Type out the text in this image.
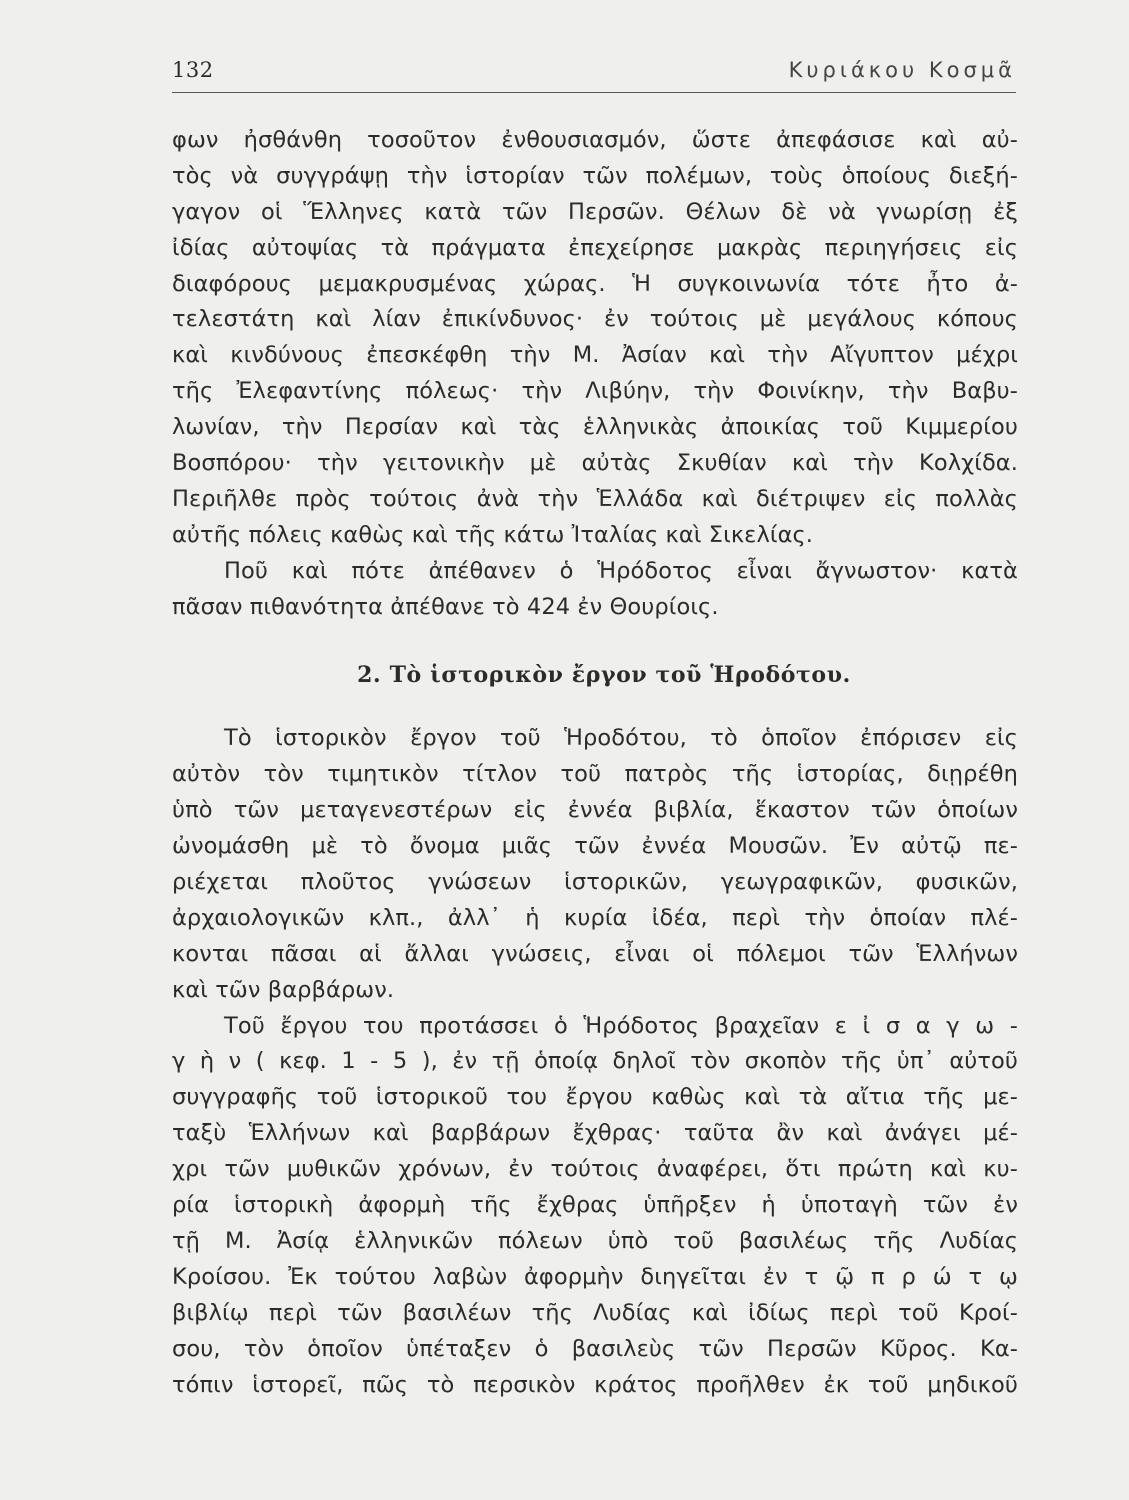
132	Κυριάκου Κοσμᾶ
φων ἠσθάνθη τοσοῦτον ἐνθουσιασμόν, ὥστε ἀπεφάσισε καὶ αὐ-
τὸς νὰ συγγράψῃ τὴν ἱστορίαν τῶν πολέμων, τοὺς ὁποίους διεξή-
γαγον οἱ Ἕλληνες κατὰ τῶν Περσῶν. Θέλων δὲ νὰ γνωρίσῃ ἐξ
ἰδίας αὐτοψίας τὰ πράγματα ἐπεχείρησε μακρὰς περιηγήσεις εἰς
διαφόρους μεμακρυσμένας χώρας. Ἡ συγκοινωνία τότε ἦτο ἀ-
τελεστάτη καὶ λίαν ἐπικίνδυνος· ἐν τούτοις μὲ μεγάλους κόπους
καὶ κινδύνους ἐπεσκέφθη τὴν Μ. Ἀσίαν καὶ τὴν Αἴγυπτον μέχρι
τῆς Ἐλεφαντίνης πόλεως· τὴν Λιβύην, τὴν Φοινίκην, τὴν Βαβυ-
λωνίαν, τὴν Περσίαν καὶ τὰς ἑλληνικὰς ἀποικίας τοῦ Κιμμερίου
Βοσπόρου· τὴν γειτονικὴν μὲ αὐτὰς Σκυθίαν καὶ τὴν Κολχίδα.
Περιῆλθε πρὸς τούτοις ἀνὰ τὴν Ἑλλάδα καὶ διέτριψεν εἰς πολλὰς
αὐτῆς πόλεις καθὼς καὶ τῆς κάτω Ἰταλίας καὶ Σικελίας.
Ποῦ καὶ πότε ἀπέθανεν ὁ Ἡρόδοτος εἶναι ἄγνωστον· κατὰ
πᾶσαν πιθανότητα ἀπέθανε τὸ 424 ἐν Θουρίοις.
2. Τὸ ἱστορικὸν ἔργον τοῦ Ἡροδότου.
Τὸ ἱστορικὸν ἔργον τοῦ Ἡροδότου, τὸ ὁποῖον ἐπόρισεν εἰς
αὐτὸν τὸν τιμητικὸν τίτλον τοῦ πατρὸς τῆς ἱστορίας, διῃρέθη
ὑπὸ τῶν μεταγενεστέρων εἰς ἐννέα βιβλία, ἕκαστον τῶν ὁποίων
ὠνομάσθη μὲ τὸ ὄνομα μιᾶς τῶν ἐννέα Μουσῶν. Ἐν αὐτῷ πε-
ριέχεται πλοῦτος γνώσεων ἱστορικῶν, γεωγραφικῶν, φυσικῶν,
ἀρχαιολογικῶν κλπ., ἀλλ᾽ ἡ κυρία ἰδέα, περὶ τὴν ὁποίαν πλέ-
κονται πᾶσαι αἱ ἄλλαι γνώσεις, εἶναι οἱ πόλεμοι τῶν Ἑλλήνων
καὶ τῶν βαρβάρων.
Τοῦ ἔργου του προτάσσει ὁ Ἡρόδοτος βραχεῖαν ε ἰ σ α γ ω -
γ ὴ ν ( κεφ. 1 - 5 ), ἐν τῇ ὁποίᾳ δηλοῖ τὸν σκοπὸν τῆς ὑπ᾽ αὐτοῦ
συγγραφῆς τοῦ ἱστορικοῦ του ἔργου καθὼς καὶ τὰ αἴτια τῆς με-
ταξὺ Ἑλλήνων καὶ βαρβάρων ἔχθρας· ταῦτα ἂν καὶ ἀνάγει μέ-
χρι τῶν μυθικῶν χρόνων, ἐν τούτοις ἀναφέρει, ὅτι πρώτη καὶ κυ-
ρία ἱστορικὴ ἀφορμὴ τῆς ἔχθρας ὑπῆρξεν ἡ ὑποταγὴ τῶν ἐν
τῇ Μ. Ἀσίᾳ ἑλληνικῶν πόλεων ὑπὸ τοῦ βασιλέως τῆς Λυδίας
Κροίσου. Ἐκ τούτου λαβὼν ἀφορμὴν διηγεῖται ἐν τ ῷ π ρ ώ τ ῳ
βιβλίῳ περὶ τῶν βασιλέων τῆς Λυδίας καὶ ἰδίως περὶ τοῦ Κροί-
σου, τὸν ὁποῖον ὑπέταξεν ὁ βασιλεὺς τῶν Περσῶν Κῦρος. Κα-
τόπιν ἱστορεῖ, πῶς τὸ περσικὸν κράτος προῆλθεν ἐκ τοῦ μηδικοῦ
